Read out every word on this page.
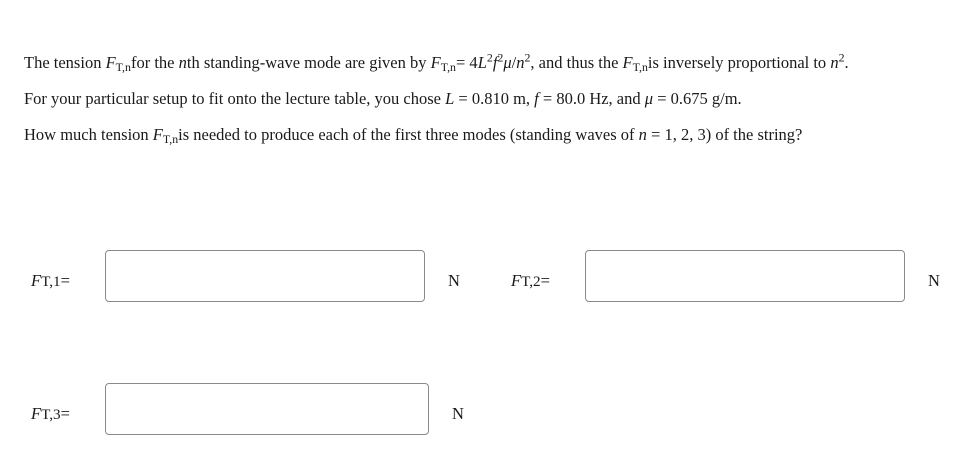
The tension $F_{T,n}for$ the nth standing-wave mode are given by $F_{T,n}= 4L^2f^2\mu/n^2$, and thus the $F_{T,n}is$ inversely proportional to $n^2$.

For your particular setup to fit onto the lecture table, you chose L = 0.810 m, f = 80.0 Hz, and μ = 0.675 g/m.

How much tension $F_{T,n}is$ needed to produce each of the first three modes (standing waves of n = 1, 2, 3) of the string?

FT,1=	N	FT,2=	N
FT,3=	N
